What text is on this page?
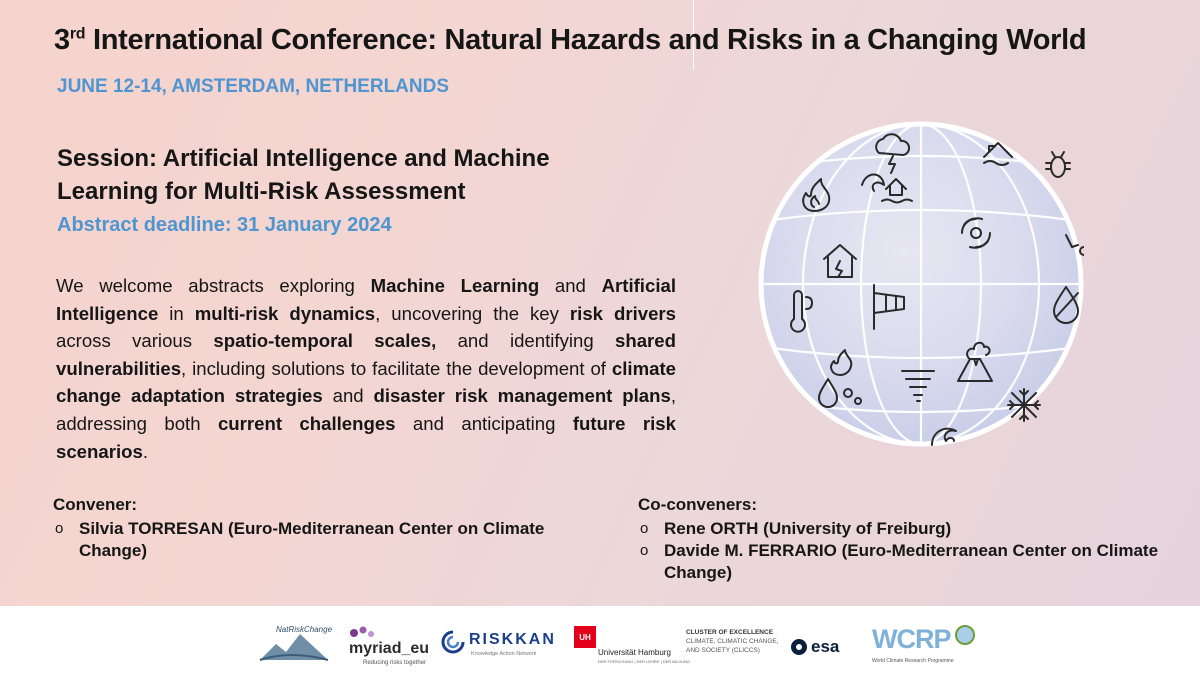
3rd International Conference: Natural Hazards and Risks in a Changing World
JUNE 12-14, AMSTERDAM, NETHERLANDS
Session: Artificial Intelligence and Machine
Learning for Multi-Risk Assessment
Abstract deadline: 31 January 2024
We welcome abstracts exploring Machine Learning and Artificial Intelligence in multi-risk dynamics, uncovering the key risk drivers across various spatio-temporal scales, and identifying shared vulnerabilities, including solutions to facilitate the development of climate change adaptation strategies and disaster risk management plans, addressing both current challenges and anticipating future risk scenarios.
Convener:
o Silvia TORRESAN (Euro-Mediterranean Center on Climate Change)
Co-conveners:
o Rene ORTH (University of Freiburg)
o Davide M. FERRARIO (Euro-Mediterranean Center on Climate Change)
NatRiskChange
myriad_eu
Reducing risks together
RISKKAN
Knowledge Action Network
UH
Universität Hamburg
DER FORSCHUNG | DER LEHRE | DER BILDUNG
CLUSTER OF EXCELLENCE
CLIMATE, CLIMATIC CHANGE,
AND SOCIETY (CLICCS)	esa WCRP
World Climate Research Programme
